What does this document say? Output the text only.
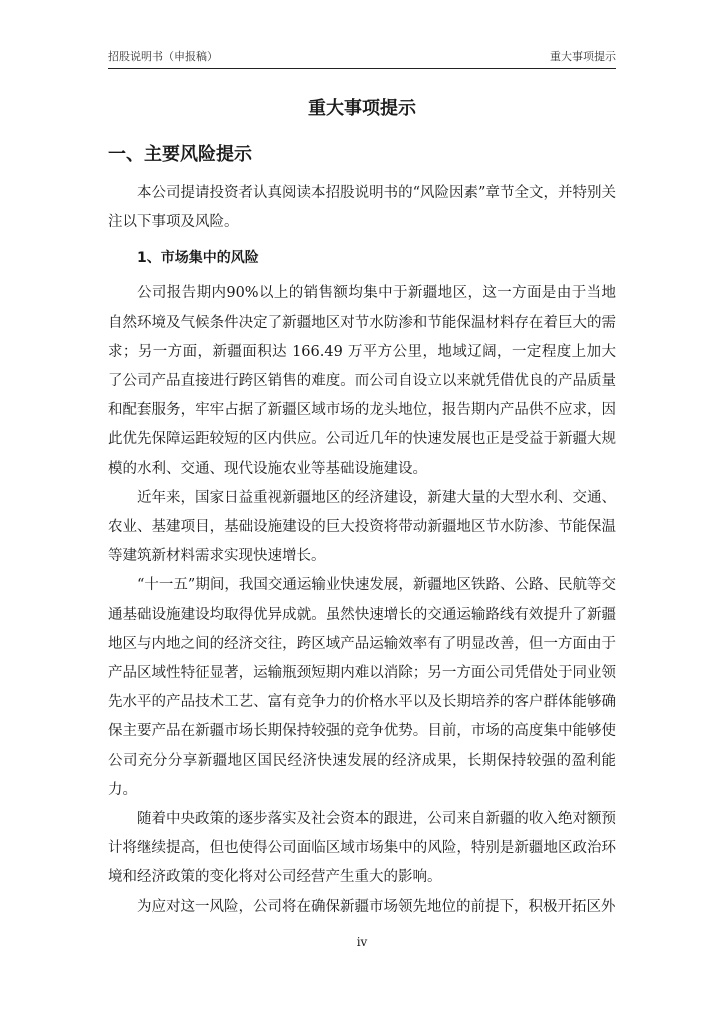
招股说明书（申报稿）	重大事项提示
重大事项提示
一、主要风险提示

本公司提请投资者认真阅读本招股说明书的“风险因素”章节全文，并特别关注以下事项及风险。

1、市场集中的风险

公司报告期内90%以上的销售额均集中于新疆地区，这一方面是由于当地自然环境及气候条件决定了新疆地区对节水防渗和节能保温材料存在着巨大的需求；另一方面，新疆面积达 166.49 万平方公里，地域辽阔，一定程度上加大了公司产品直接进行跨区销售的难度。而公司自设立以来就凭借优良的产品质量和配套服务，牢牢占据了新疆区域市场的龙头地位，报告期内产品供不应求，因此优先保障运距较短的区内供应。公司近几年的快速发展也正是受益于新疆大规模的水利、交通、现代设施农业等基础设施建设。

近年来，国家日益重视新疆地区的经济建设，新建大量的大型水利、交通、农业、基建项目，基础设施建设的巨大投资将带动新疆地区节水防渗、节能保温等建筑新材料需求实现快速增长。

“十一五”期间，我国交通运输业快速发展，新疆地区铁路、公路、民航等交通基础设施建设均取得优异成就。虽然快速增长的交通运输路线有效提升了新疆地区与内地之间的经济交往，跨区域产品运输效率有了明显改善，但一方面由于产品区域性特征显著，运输瓶颈短期内难以消除；另一方面公司凭借处于同业领先水平的产品技术工艺、富有竞争力的价格水平以及长期培养的客户群体能够确保主要产品在新疆市场长期保持较强的竞争优势。目前，市场的高度集中能够使公司充分分享新疆地区国民经济快速发展的经济成果，长期保持较强的盈利能力。

随着中央政策的逐步落实及社会资本的跟进，公司来自新疆的收入绝对额预计将继续提高，但也使得公司面临区域市场集中的风险，特别是新疆地区政治环境和经济政策的变化将对公司经营产生重大的影响。

为应对这一风险，公司将在确保新疆市场领先地位的前提下，积极开拓区外

iv
